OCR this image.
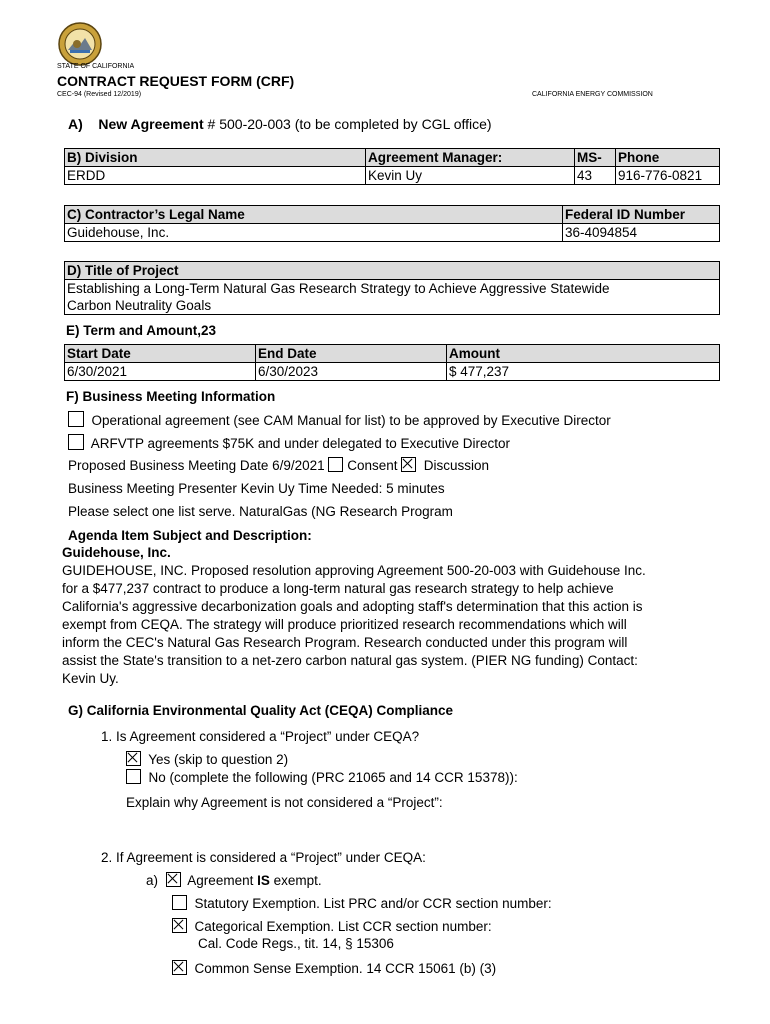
STATE OF CALIFORNIA
CONTRACT REQUEST FORM (CRF)
CEC-94 (Revised 12/2019)	CALIFORNIA ENERGY COMMISSION
A) New Agreement # 500-20-003 (to be completed by CGL office)
B) Division	Agreement Manager:	MS-	Phone
ERDD	Kevin Uy	43	916-776-0821
C) Contractor’s Legal Name	Federal ID Number
Guidehouse, Inc.	36-4094854
D) Title of Project

Establishing a Long-Term Natural Gas Research Strategy to Achieve Aggressive Statewide
Carbon Neutrality Goals
E) Term and Amount,23
Start Date	End Date	Amount
6/30/2021	6/30/2023	$ 477,237
F) Business Meeting Information
Operational agreement (see CAM Manual for list) to be approved by Executive Director
ARFVTP agreements $75K and under delegated to Executive Director
Proposed Business Meeting Date 6/9/2021 Consent Discussion
Business Meeting Presenter Kevin Uy Time Needed: 5 minutes
Please select one list serve. NaturalGas (NG Research Program
Agenda Item Subject and Description:
Guidehouse, Inc.
GUIDEHOUSE, INC. Proposed resolution approving Agreement 500-20-003 with Guidehouse Inc.
for a $477,237 contract to produce a long-term natural gas research strategy to help achieve
California's aggressive decarbonization goals and adopting staff's determination that this action is
exempt from CEQA. The strategy will produce prioritized research recommendations which will
inform the CEC's Natural Gas Research Program. Research conducted under this program will
assist the State's transition to a net-zero carbon natural gas system. (PIER NG funding) Contact:
Kevin Uy.
G) California Environmental Quality Act (CEQA) Compliance
1. Is Agreement considered a “Project” under CEQA?
Yes (skip to question 2)
No (complete the following (PRC 21065 and 14 CCR 15378)):
Explain why Agreement is not considered a “Project”:
2. If Agreement is considered a “Project” under CEQA:
a) Agreement IS exempt.
Statutory Exemption. List PRC and/or CCR section number:
Categorical Exemption. List CCR section number:
Cal. Code Regs., tit. 14, § 15306
Common Sense Exemption. 14 CCR 15061 (b) (3)
